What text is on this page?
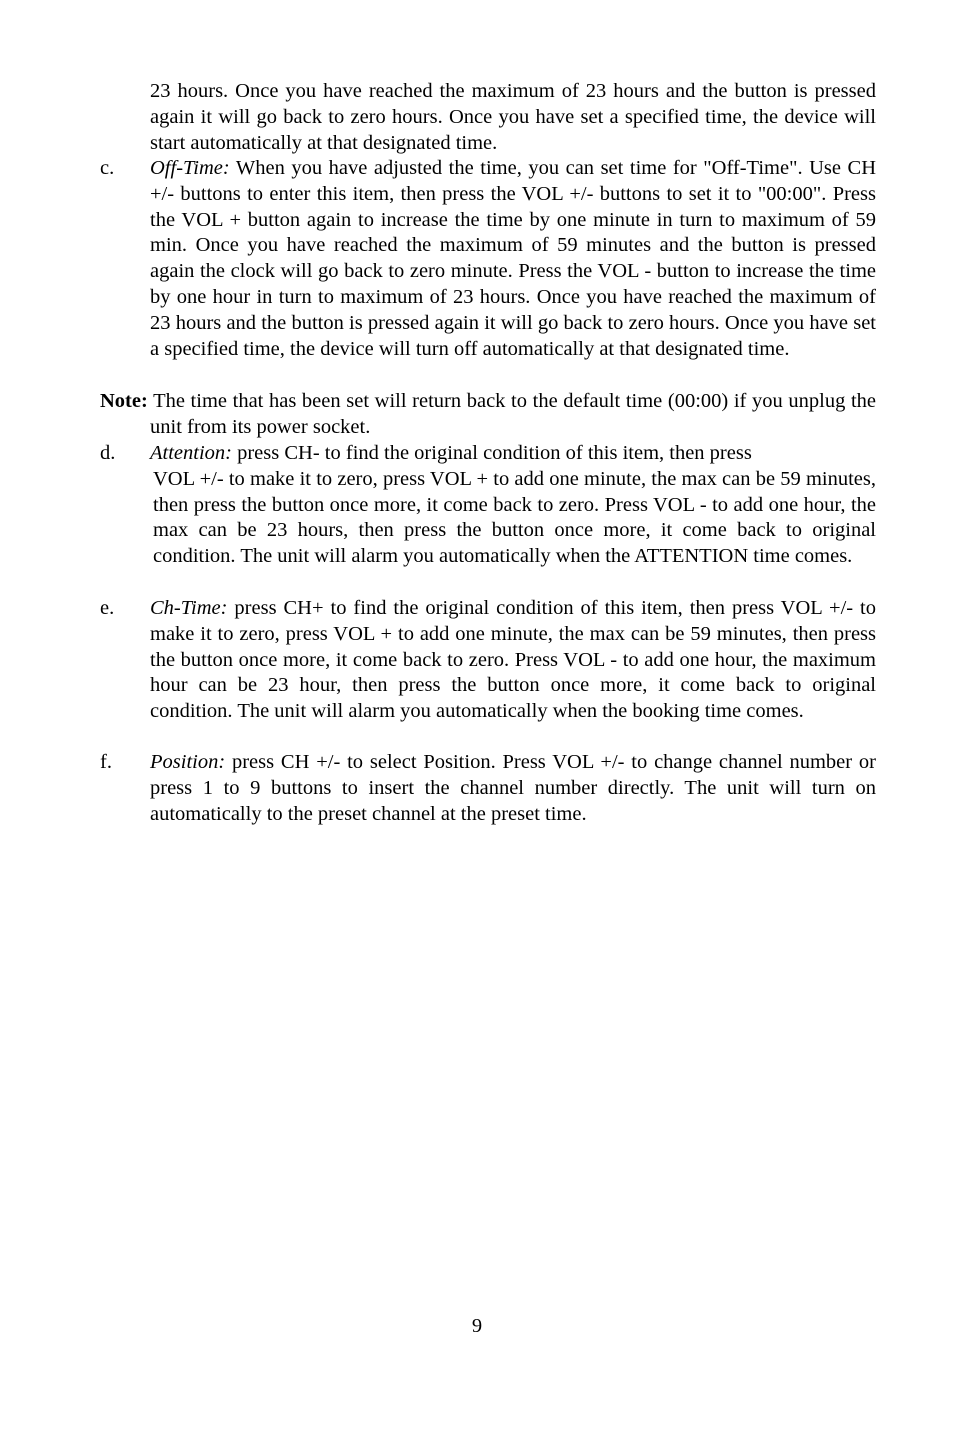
23 hours. Once you have reached the maximum of 23 hours and the button is pressed again it will go back to zero hours. Once you have set a specified time, the device will start automatically at that designated time.

c. Off-Time: When you have adjusted the time, you can set time for "Off-Time". Use CH +/- buttons to enter this item, then press the VOL +/- buttons to set it to "00:00". Press the VOL + button again to increase the time by one minute in turn to maximum of 59 min. Once you have reached the maximum of 59 minutes and the button is pressed again the clock will go back to zero minute. Press the VOL - button to increase the time by one hour in turn to maximum of 23 hours. Once you have reached the maximum of 23 hours and the button is pressed again it will go back to zero hours. Once you have set a specified time, the device will turn off automatically at that designated time.

Note: The time that has been set will return back to the default time (00:00) if you unplug the unit from its power socket.

d. Attention: press CH- to find the original condition of this item, then press

VOL +/- to make it to zero, press VOL + to add one minute, the max can be 59 minutes, then press the button once more, it come back to zero. Press VOL - to add one hour, the max can be 23 hours, then press the button once more, it come back to original condition. The unit will alarm you automatically when the ATTENTION time comes.

e. Ch-Time: press CH+ to find the original condition of this item, then press VOL +/- to make it to zero, press VOL + to add one minute, the max can be 59 minutes, then press the button once more, it come back to zero. Press VOL - to add one hour, the maximum hour can be 23 hour, then press the button once more, it come back to original condition. The unit will alarm you automatically when the booking time comes.

f. Position: press CH +/- to select Position. Press VOL +/- to change channel number or press 1 to 9 buttons to insert the channel number directly. The unit will turn on automatically to the preset channel at the preset time.

9
